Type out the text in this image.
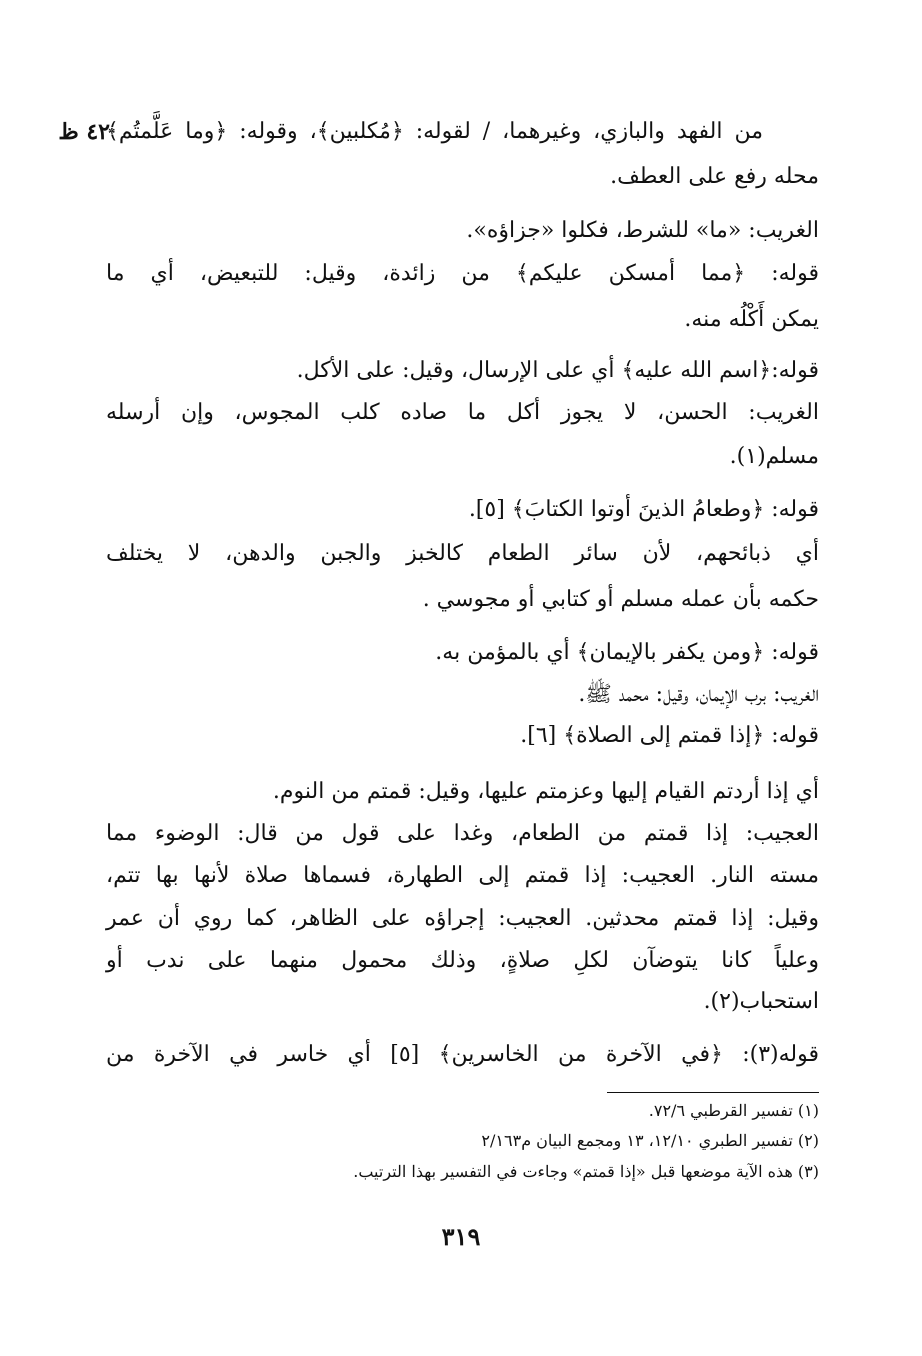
٤٢ ظ
من الفهد والبازي، وغيرهما، / لقوله: ﴿مُكلبين﴾، وقوله: ﴿وما عَلَّمتُم﴾
محله رفع على العطف.
الغريب: «ما» للشرط، فكلوا «جزاؤه».
قوله: ﴿مما أمسكن عليكم﴾ من زائدة، وقيل: للتبعيض، أي ما
يمكن أَكْلُه منه.
قوله:﴿اسم الله عليه﴾ أي على الإرسال، وقيل: على الأكل.
الغريب: الحسن، لا يجوز أكل ما صاده كلب المجوس، وإن أرسله
مسلم(١).
قوله: ﴿وطعامُ الذينَ أوتوا الكتابَ﴾ [٥].
أي ذبائحهم، لأن سائر الطعام كالخبز والجبن والدهن، لا يختلف
حكمه بأن عمله مسلم أو كتابي أو مجوسي .
قوله: ﴿ومن يكفر بالإيمان﴾ أي بالمؤمن به.
الغريب: برب الإيمان، وقيل: محمد ﷺ.
قوله: ﴿إذا قمتم إلى الصلاة﴾ [٦].
أي إذا أردتم القيام إليها وعزمتم عليها، وقيل: قمتم من النوم.
العجيب: إذا قمتم من الطعام، وغدا على قول من قال: الوضوء مما
مسته النار. العجيب: إذا قمتم إلى الطهارة، فسماها صلاة لأنها بها تتم،
وقيل: إذا قمتم محدثين. العجيب: إجراؤه على الظاهر، كما روي أن عمر
وعلياً كانا يتوضآن لكلِ صلاةٍ، وذلك محمول منهما على ندب أو
استحباب(٢).
قوله(٣): ﴿في الآخرة من الخاسرين﴾ [٥] أي خاسر في الآخرة من
(١) تفسير القرطبي ٧٢/٦.
(٢) تفسير الطبري ١٢/١٠، ١٣ ومجمع البيان م٢/١٦٣
(٣) هذه الآية موضعها قبل «إذا قمتم» وجاءت في التفسير بهذا الترتيب.
٣١٩
